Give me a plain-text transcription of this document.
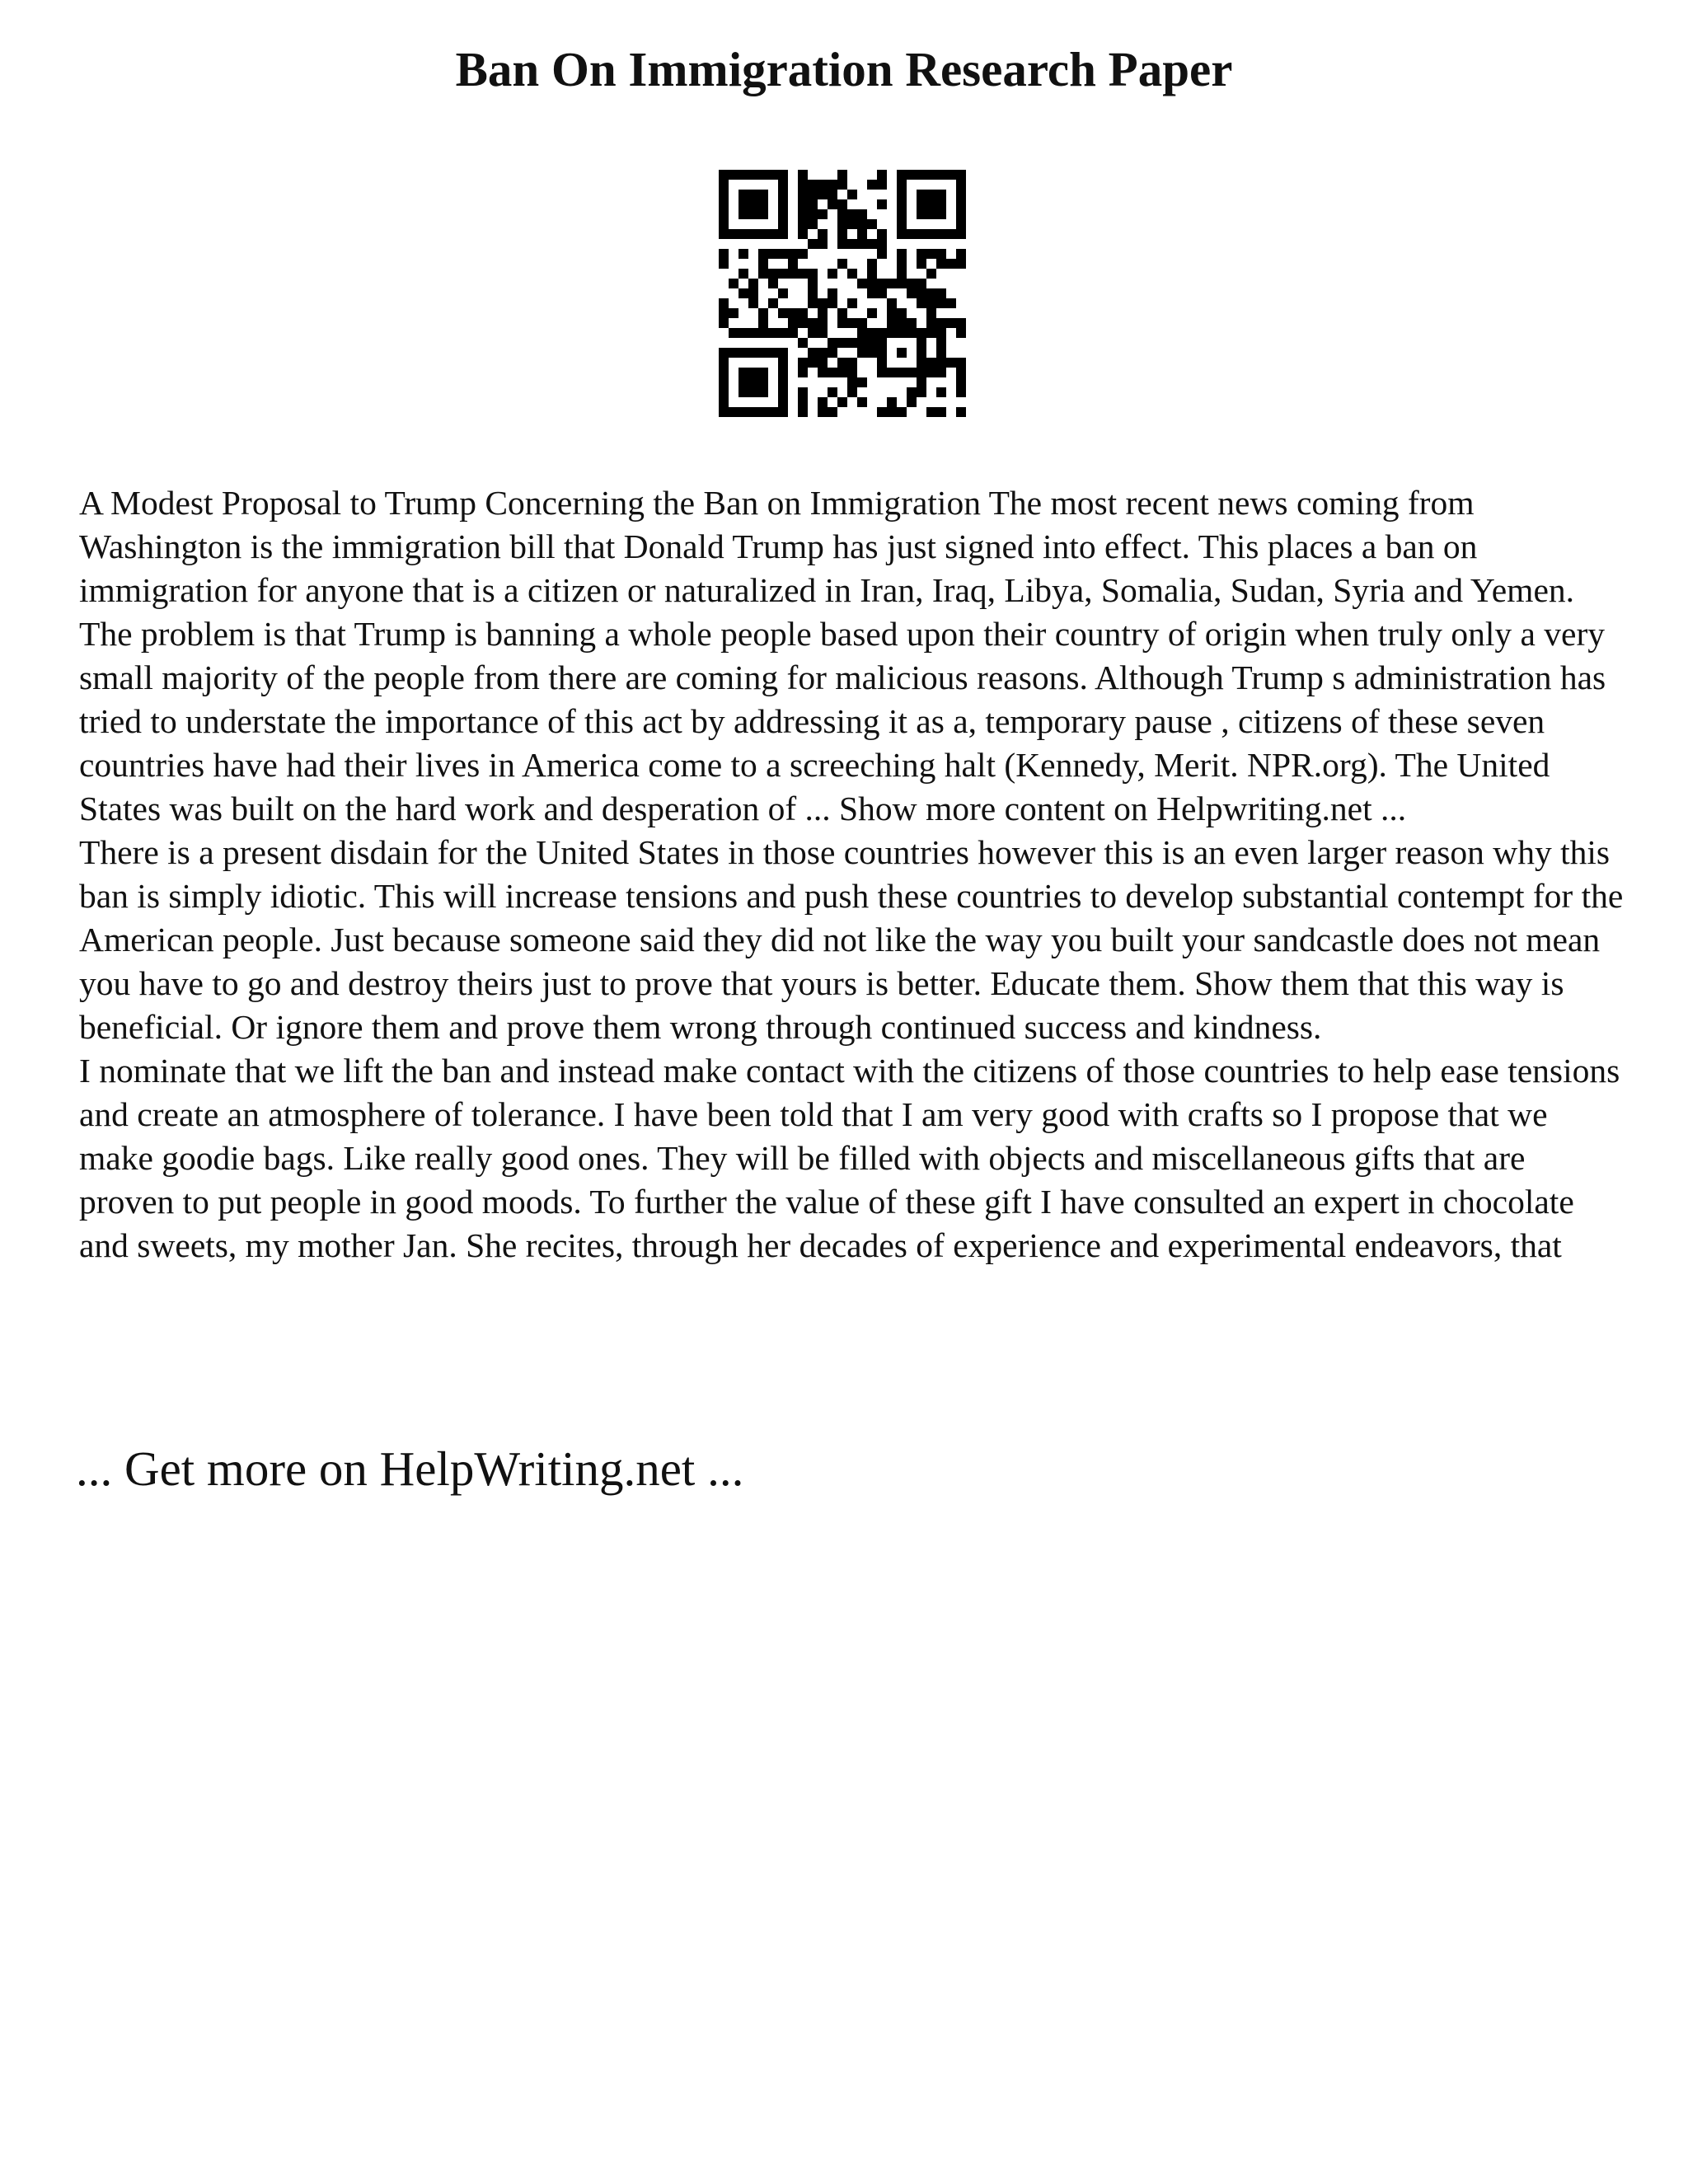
Ban On Immigration Research Paper

A Modest Proposal to Trump Concerning the Ban on Immigration The most recent news coming from Washington is the immigration bill that Donald Trump has just signed into effect. This places a ban on immigration for anyone that is a citizen or naturalized in Iran, Iraq, Libya, Somalia, Sudan, Syria and Yemen. The problem is that Trump is banning a whole people based upon their country of origin when truly only a very small majority of the people from there are coming for malicious reasons. Although Trump s administration has tried to understate the importance of this act by addressing it as a, temporary pause , citizens of these seven countries have had their lives in America come to a screeching halt (Kennedy, Merit. NPR.org). The United States was built on the hard work and desperation of ... Show more content on Helpwriting.net ...

There is a present disdain for the United States in those countries however this is an even larger reason why this ban is simply idiotic. This will increase tensions and push these countries to develop substantial contempt for the American people. Just because someone said they did not like the way you built your sandcastle does not mean you have to go and destroy theirs just to prove that yours is better. Educate them. Show them that this way is beneficial. Or ignore them and prove them wrong through continued success and kindness.

I nominate that we lift the ban and instead make contact with the citizens of those countries to help ease tensions and create an atmosphere of tolerance. I have been told that I am very good with crafts so I propose that we make goodie bags. Like really good ones. They will be filled with objects and miscellaneous gifts that are proven to put people in good moods. To further the value of these gift I have consulted an expert in chocolate and sweets, my mother Jan. She recites, through her decades of experience and experimental endeavors, that

... Get more on HelpWriting.net ...
